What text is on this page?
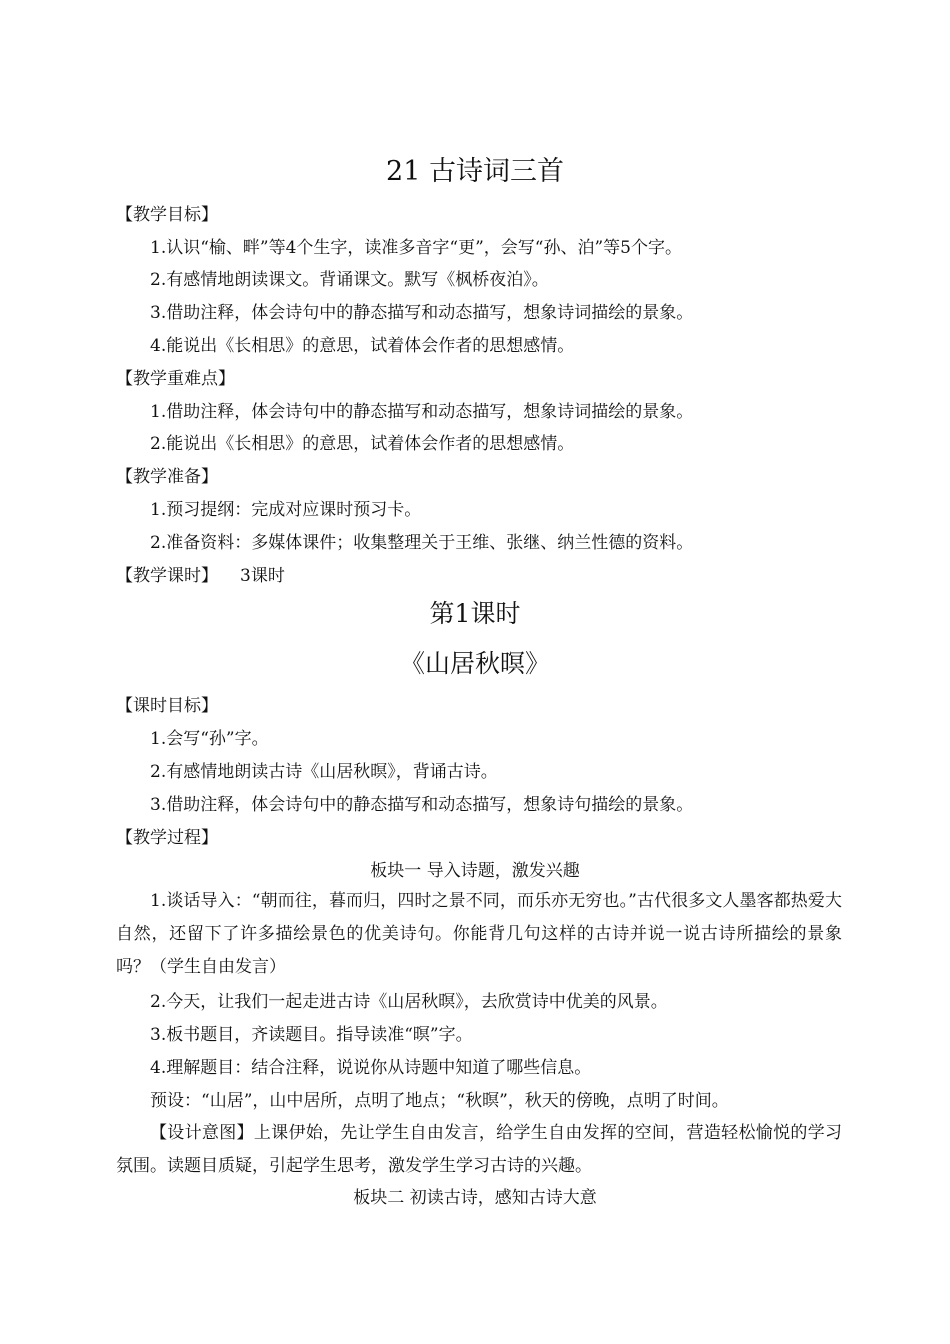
21 古诗词三首
【教学目标】
1.认识“榆、畔”等4个生字，读准多音字“更”，会写“孙、泊”等5个字。
2.有感情地朗读课文。背诵课文。默写《枫桥夜泊》。
3.借助注释，体会诗句中的静态描写和动态描写，想象诗词描绘的景象。
4.能说出《长相思》的意思，试着体会作者的思想感情。
【教学重难点】
1.借助注释，体会诗句中的静态描写和动态描写，想象诗词描绘的景象。
2.能说出《长相思》的意思，试着体会作者的思想感情。
【教学准备】
1.预习提纲：完成对应课时预习卡。
2.准备资料：多媒体课件；收集整理关于王维、张继、纳兰性德的资料。
【教学课时】 3课时
第1课时
《山居秋暝》
【课时目标】
1.会写“孙”字。
2.有感情地朗读古诗《山居秋暝》，背诵古诗。
3.借助注释，体会诗句中的静态描写和动态描写，想象诗句描绘的景象。
【教学过程】
板块一 导入诗题，激发兴趣
1.谈话导入：“朝而往，暮而归，四时之景不同，而乐亦无穷也。”古代很多文人墨客都热爱大自然，还留下了许多描绘景色的优美诗句。你能背几句这样的古诗并说一说古诗所描绘的景象吗？（学生自由发言）
2.今天，让我们一起走进古诗《山居秋暝》，去欣赏诗中优美的风景。
3.板书题目，齐读题目。指导读准“暝”字。
4.理解题目：结合注释，说说你从诗题中知道了哪些信息。
预设：“山居”，山中居所，点明了地点；“秋暝”，秋天的傍晚，点明了时间。
【设计意图】上课伊始，先让学生自由发言，给学生自由发挥的空间，营造轻松愉悦的学习氛围。读题目质疑，引起学生思考，激发学生学习古诗的兴趣。
板块二 初读古诗，感知古诗大意
